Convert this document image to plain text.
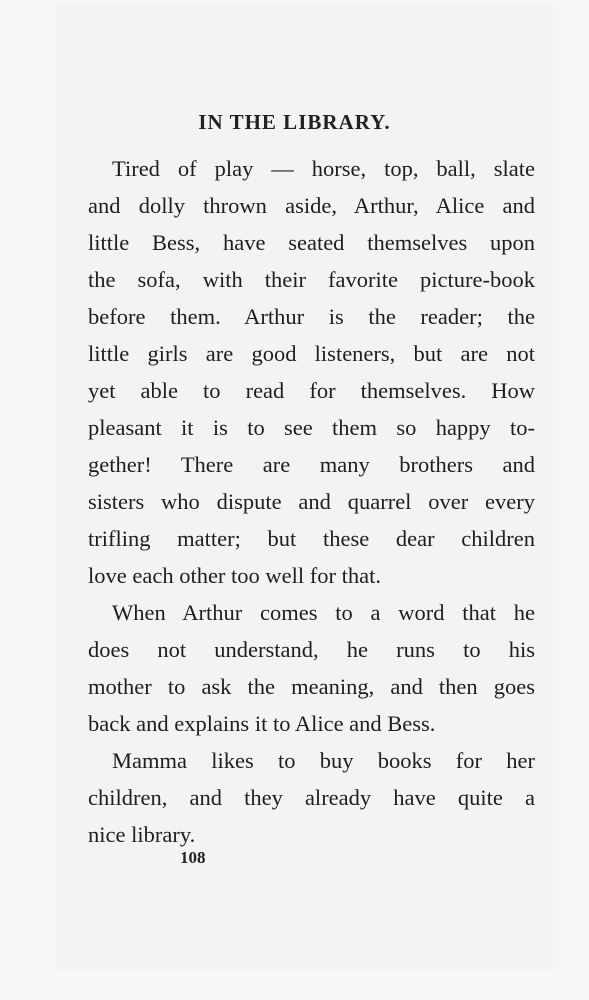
IN THE LIBRARY.
Tired of play — horse, top, ball, slate
and dolly thrown aside, Arthur, Alice and
little Bess, have seated themselves upon
the sofa, with their favorite picture-book
before them. Arthur is the reader; the
little girls are good listeners, but are not
yet able to read for themselves. How
pleasant it is to see them so happy to-
gether! There are many brothers and
sisters who dispute and quarrel over every
trifling matter; but these dear children
love each other too well for that.
When Arthur comes to a word that he
does not understand, he runs to his
mother to ask the meaning, and then goes
back and explains it to Alice and Bess.
Mamma likes to buy books for her
children, and they already have quite a
nice library.
108
